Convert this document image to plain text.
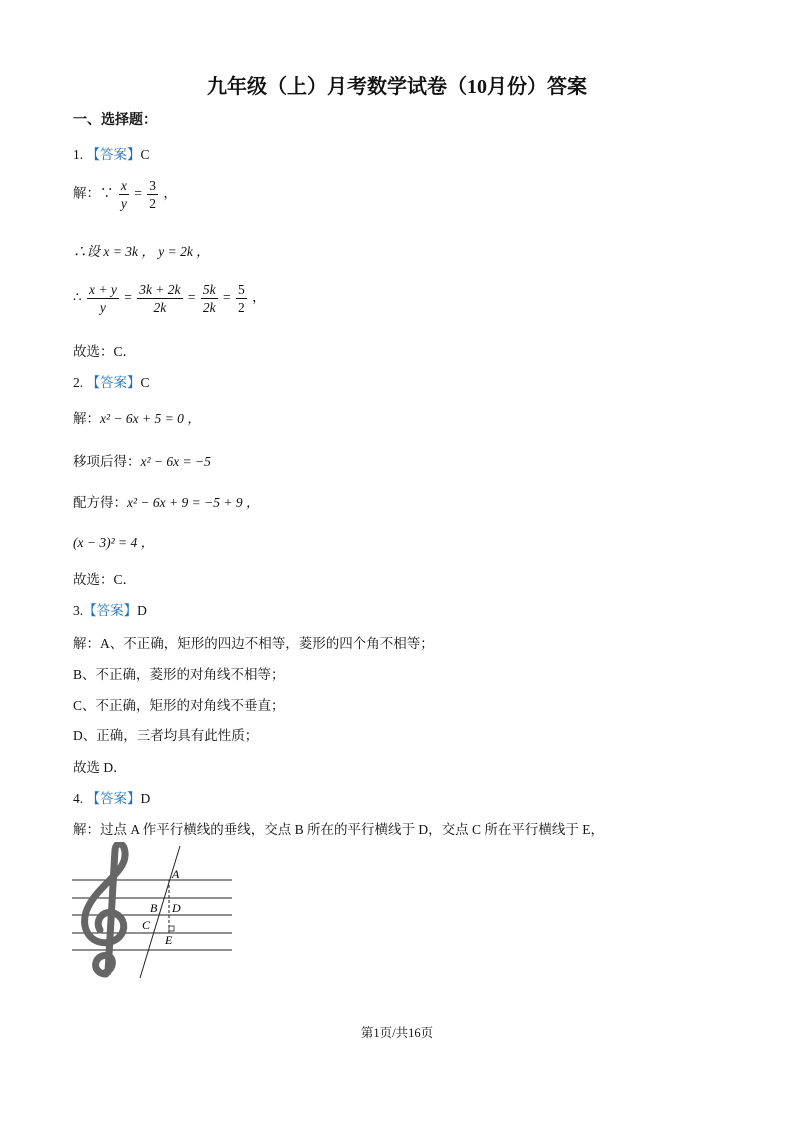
九年级（上）月考数学试卷（10月份）答案
一、选择题：
1. 【答案】C
解：∵ $\frac{x}{y} = \frac{3}{2}$ ，
∴设 x = 3k ， y = 2k ，
∴ $\frac{x + y}{y} = \frac{3k + 2k}{2k} = \frac{5k}{2k} = \frac{5}{2}$ ，
故选：C．
2. 【答案】C
解：x² − 6x + 5 = 0 ，
移项后得：x² − 6x = −5
配方得：x² − 6x + 9 = −5 + 9 ，
(x − 3)² = 4 ，
故选：C．
3.【答案】D
解：A、不正确，矩形的四边不相等，菱形的四个角不相等；
B、不正确，菱形的对角线不相等；
C、不正确，矩形的对角线不垂直；
D、正确，三者均具有此性质；
故选 D．
4. 【答案】D
解：过点 A 作平行横线的垂线，交点 B 所在的平行横线于 D，交点 C 所在平行横线于 E，
A
B D
C
E
第1页/共16页
